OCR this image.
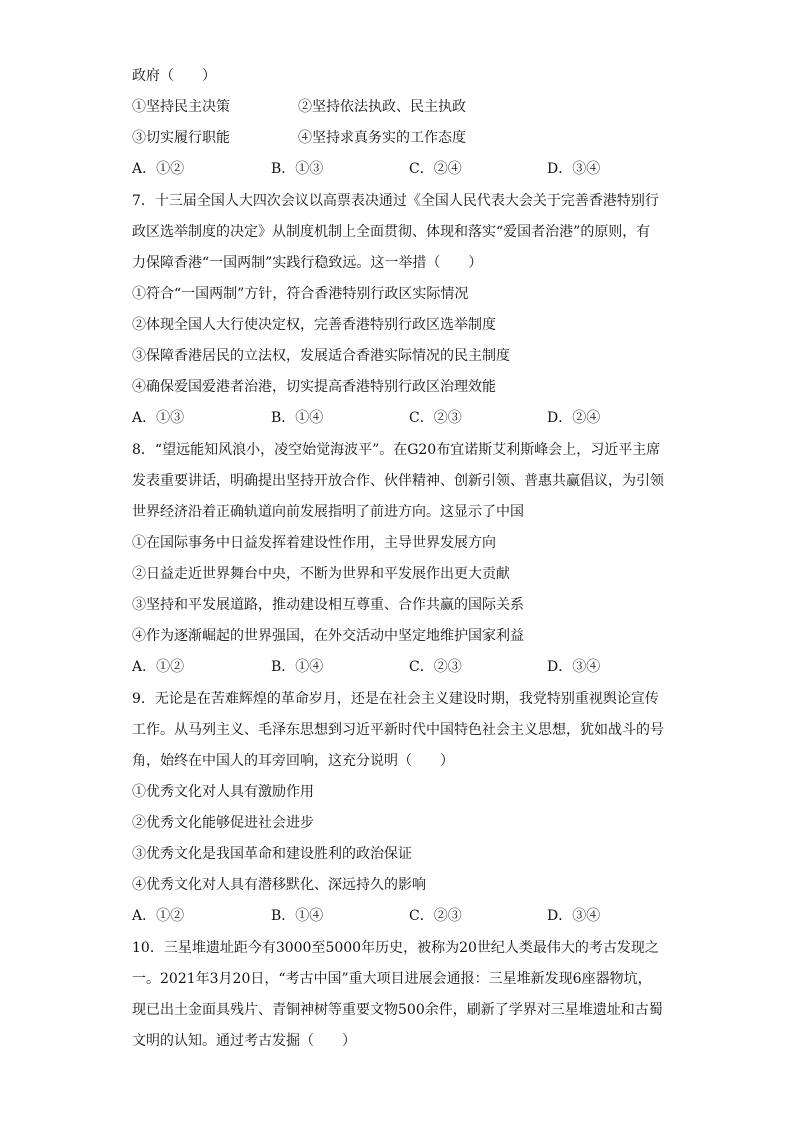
政府（　　）
①坚持民主决策	②坚持依法执政、民主执政
③切实履行职能	④坚持求真务实的工作态度
A．①②	B．①③	C．②④	D．③④
7．十三届全国人大四次会议以高票表决通过《全国人民代表大会关于完善香港特别行
政区选举制度的决定》从制度机制上全面贯彻、体现和落实“爱国者治港”的原则，有
力保障香港“一国两制”实践行稳致远。这一举措（　　）
①符合“一国两制”方针，符合香港特别行政区实际情况
②体现全国人大行使决定权，完善香港特别行政区选举制度
③保障香港居民的立法权，发展适合香港实际情况的民主制度
④确保爱国爱港者治港，切实提高香港特别行政区治理效能
A．①③	B．①④	C．②③	D．②④
8．“望远能知风浪小，凌空始觉海波平”。在G20布宜诺斯艾利斯峰会上，习近平主席
发表重要讲话，明确提出坚持开放合作、伙伴精神、创新引领、普惠共赢倡议，为引领
世界经济沿着正确轨道向前发展指明了前进方向。这显示了中国
①在国际事务中日益发挥着建设性作用，主导世界发展方向
②日益走近世界舞台中央，不断为世界和平发展作出更大贡献
③坚持和平发展道路，推动建设相互尊重、合作共赢的国际关系
④作为逐渐崛起的世界强国，在外交活动中坚定地维护国家利益
A．①②	B．①④	C．②③	D．③④
9．无论是在苦难辉煌的革命岁月，还是在社会主义建设时期，我党特别重视舆论宣传
工作。从马列主义、毛泽东思想到习近平新时代中国特色社会主义思想，犹如战斗的号
角，始终在中国人的耳旁回响，这充分说明（　　）
①优秀文化对人具有激励作用
②优秀文化能够促进社会进步
③优秀文化是我国革命和建设胜利的政治保证
④优秀文化对人具有潜移默化、深远持久的影响
A．①②	B．①④	C．②③	D．③④
10．三星堆遗址距今有3000至5000年历史，被称为20世纪人类最伟大的考古发现之
一。2021年3月20日，“考古中国”重大项目进展会通报：三星堆新发现6座器物坑，
现已出土金面具残片、青铜神树等重要文物500余件，刷新了学界对三星堆遗址和古蜀
文明的认知。通过考古发掘（　　）
